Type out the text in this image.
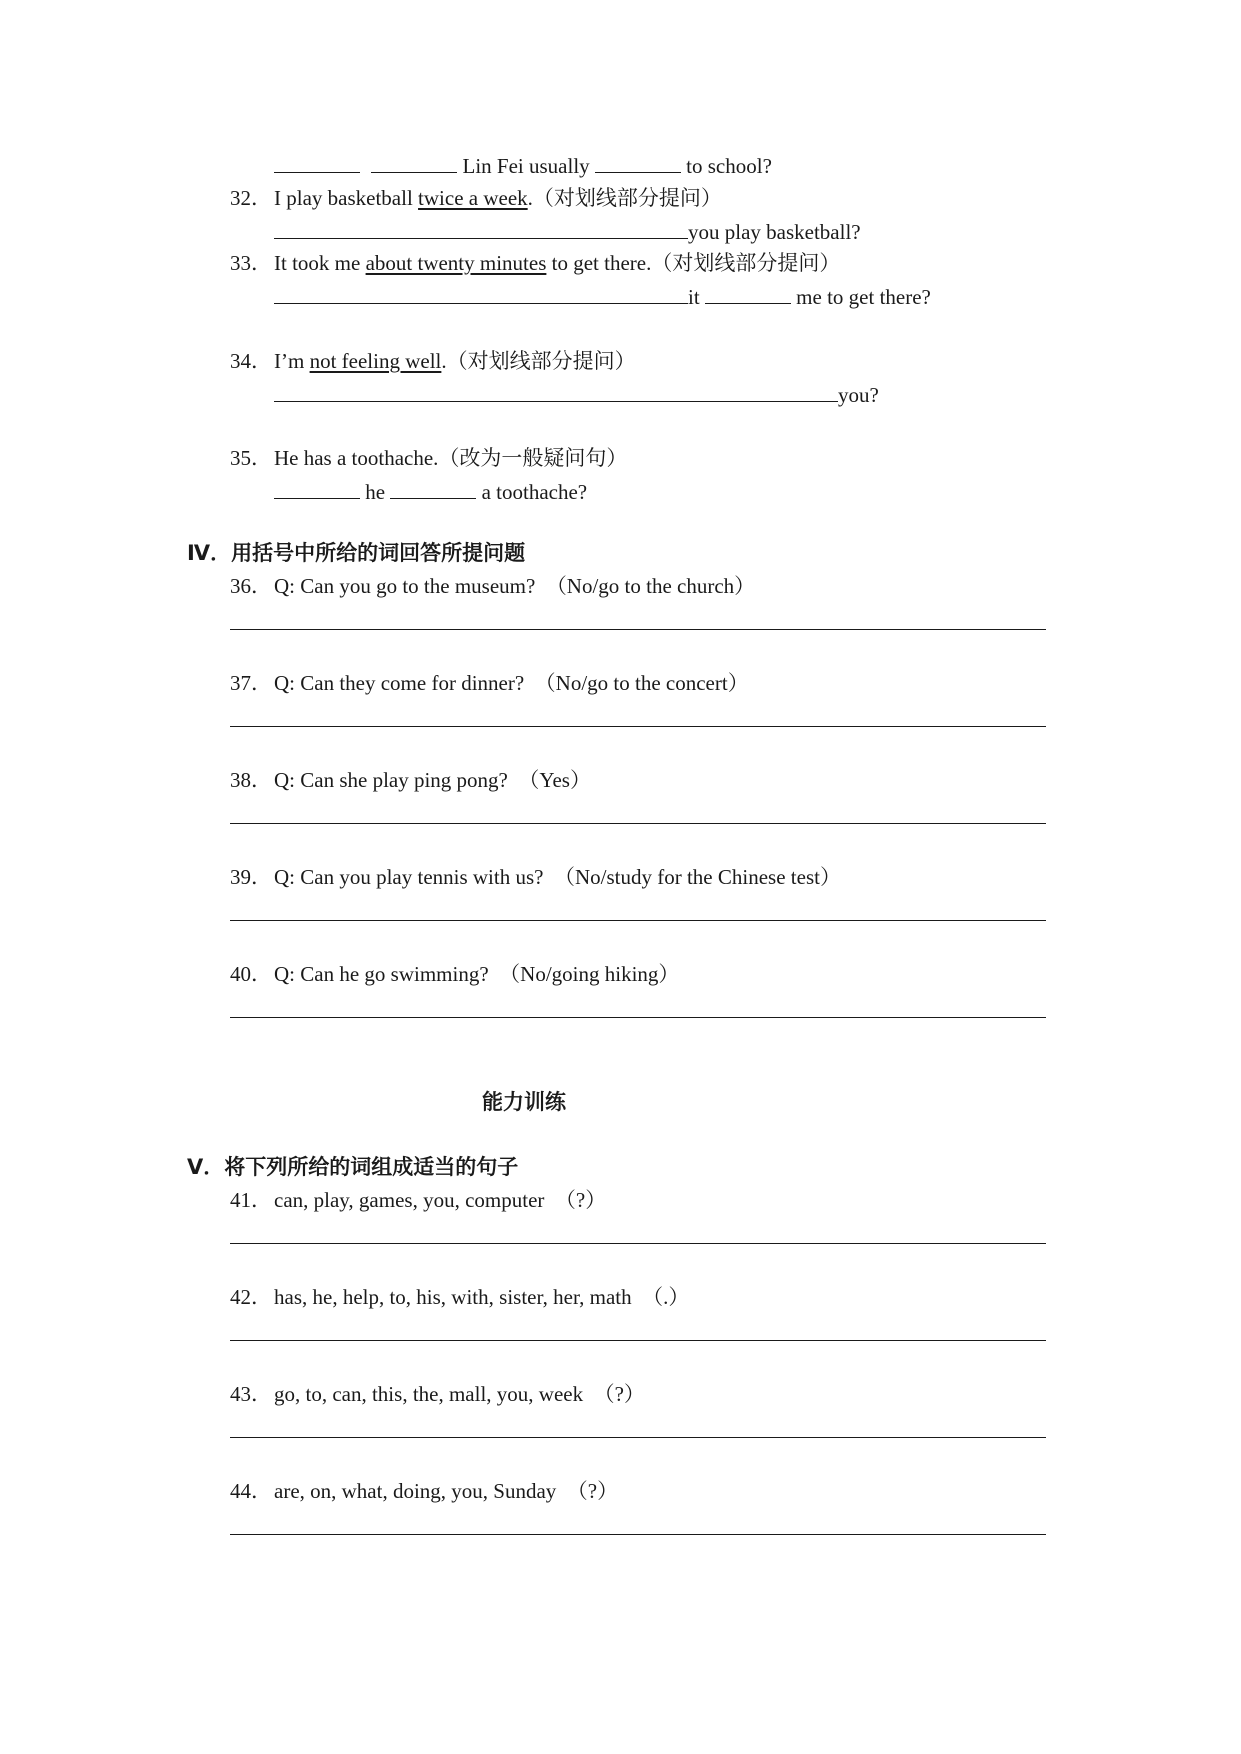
Lin Fei usually	to school?
32．I play basketball twice a week.（对划线部分提问）
you play basketball?
33．It took me about twenty minutes to get there.（对划线部分提问）
it	me to get there?
34．I’m not feeling well.（对划线部分提问）
you?
35．He has a toothache.（改为一般疑问句）
he	a toothache?
Ⅳ．用括号中所给的词回答所提问题
36．Q: Can you go to the museum? （No/go to the church）
37．Q: Can they come for dinner? （No/go to the concert）
38．Q: Can she play ping pong? （Yes）
39．Q: Can you play tennis with us? （No/study for the Chinese test）
40．Q: Can he go swimming? （No/going hiking）
能力训练
Ⅴ．将下列所给的词组成适当的句子
41．can, play, games, you, computer （?）
42．has, he, help, to, his, with, sister, her, math （.）
43．go, to, can, this, the, mall, you, week （?）
44．are, on, what, doing, you, Sunday （?）
